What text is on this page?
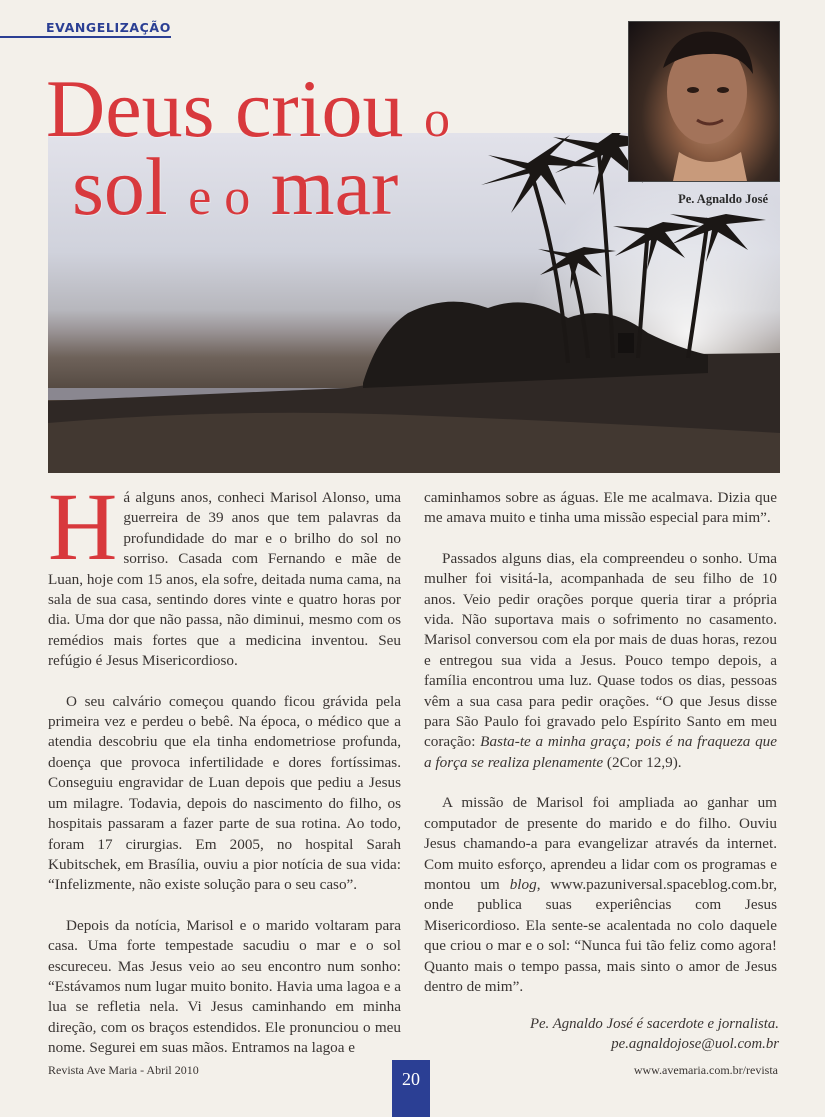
EVANGELIZAÇÃO
Deus criou o
sol e o mar	Pe. Agnaldo José

Há alguns anos, conheci Marisol Alonso, uma guerreira de 39 anos que tem palavras da profundidade do mar e o brilho do sol no sorriso. Casada com Fernando e mãe de Luan, hoje com 15 anos, ela sofre, deitada numa cama, na sala de sua casa, sentindo dores vinte e quatro horas por dia. Uma dor que não passa, não diminui, mesmo com os remédios mais fortes que a medicina inventou. Seu refúgio é Jesus Misericordioso.

O seu calvário começou quando ficou grávida pela primeira vez e perdeu o bebê. Na época, o médico que a atendia descobriu que ela tinha endometriose profunda, doença que provoca infertilidade e dores fortíssimas. Conseguiu engravidar de Luan depois que pediu a Jesus um milagre. Todavia, depois do nascimento do filho, os hospitais passaram a fazer parte de sua rotina. Ao todo, foram 17 cirurgias. Em 2005, no hospital Sarah Kubitschek, em Brasília, ouviu a pior notícia de sua vida: “Infelizmente, não existe solução para o seu caso”.

Depois da notícia, Marisol e o marido voltaram para casa. Uma forte tempestade sacudiu o mar e o sol escureceu. Mas Jesus veio ao seu encontro num sonho: “Estávamos num lugar muito bonito. Havia uma lagoa e a lua se refletia nela. Vi Jesus caminhando em minha direção, com os braços estendidos. Ele pronunciou o meu nome. Segurei em suas mãos. Entramos na lagoa e

caminhamos sobre as águas. Ele me acalmava. Dizia que me amava muito e tinha uma missão especial para mim”.

Passados alguns dias, ela compreendeu o sonho. Uma mulher foi visitá-la, acompanhada de seu filho de 10 anos. Veio pedir orações porque queria tirar a própria vida. Não suportava mais o sofrimento no casamento. Marisol conversou com ela por mais de duas horas, rezou e entregou sua vida a Jesus. Pouco tempo depois, a família encontrou uma luz. Quase todos os dias, pessoas vêm a sua casa para pedir orações. “O que Jesus disse para São Paulo foi gravado pelo Espírito Santo em meu coração: Basta-te a minha graça; pois é na fraqueza que a força se realiza plenamente (2Cor 12,9).

A missão de Marisol foi ampliada ao ganhar um computador de presente do marido e do filho. Ouviu Jesus chamando-a para evangelizar através da internet. Com muito esforço, aprendeu a lidar com os programas e montou um blog, www.pazuniversal.spaceblog.com.br, onde publica suas experiências com Jesus Misericordioso. Ela sente-se acalentada no colo daquele que criou o mar e o sol: “Nunca fui tão feliz como agora! Quanto mais o tempo passa, mais sinto o amor de Jesus dentro de mim”.

Pe. Agnaldo José é sacerdote e jornalista.
pe.agnaldojose@uol.com.br
Revista Ave Maria - Abril 2010	20	www.avemaria.com.br/revista
